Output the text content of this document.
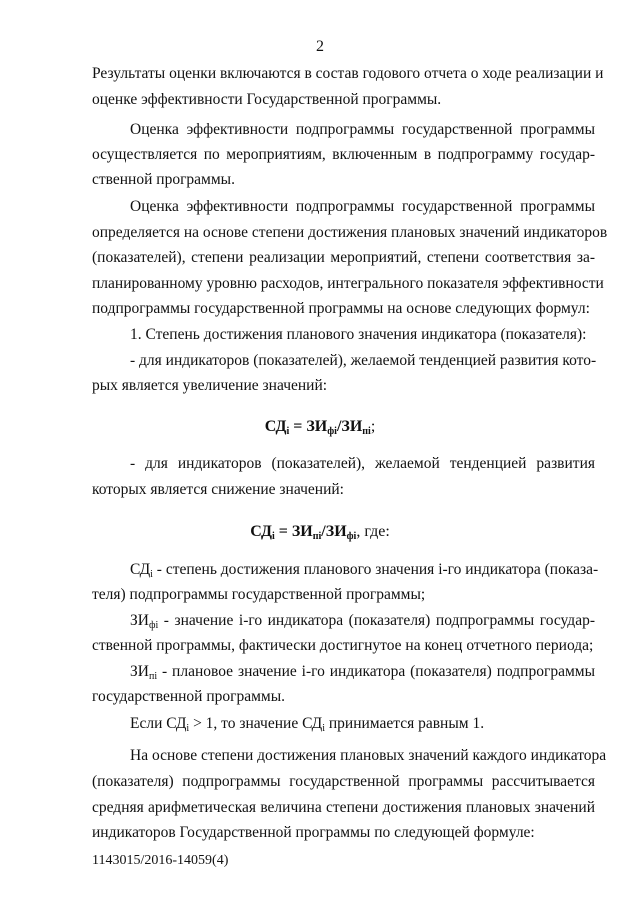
2
Результаты оценки включаются в состав годового отчета о ходе реализации и
оценке эффективности Государственной программы.
Оценка эффективности подпрограммы государственной программы
осуществляется по мероприятиям, включенным в подпрограмму государ-
ственной программы.
Оценка эффективности подпрограммы государственной программы
определяется на основе степени достижения плановых значений индикаторов
(показателей), степени реализации мероприятий, степени соответствия за-
планированному уровню расходов, интегрального показателя эффективности
подпрограммы государственной программы на основе следующих формул:
1. Степень достижения планового значения индикатора (показателя):
- для индикаторов (показателей), желаемой тенденцией развития кото-
рых является увеличение значений:
$СД_i = ЗИ_{фi}/ЗИ_{пi}$;
- для индикаторов (показателей), желаемой тенденцией развития
которых является снижение значений:
$СД_i = ЗИ_{пi}/ЗИ_{фi}$, где:
$СД_i$ - степень достижения планового значения i-го индикатора (показа-
теля) подпрограммы государственной программы;
$ЗИ_{фi}$ - значение i-го индикатора (показателя) подпрограммы государ-
ственной программы, фактически достигнутое на конец отчетного периода;
$ЗИ_{пi}$ - плановое значение i-го индикатора (показателя) подпрограммы
государственной программы.
Если $СД_i > 1$, то значение $СД_i$ принимается равным 1.
На основе степени достижения плановых значений каждого индикатора
(показателя) подпрограммы государственной программы рассчитывается
средняя арифметическая величина степени достижения плановых значений
индикаторов Государственной программы по следующей формуле:
1143015/2016-14059(4)
